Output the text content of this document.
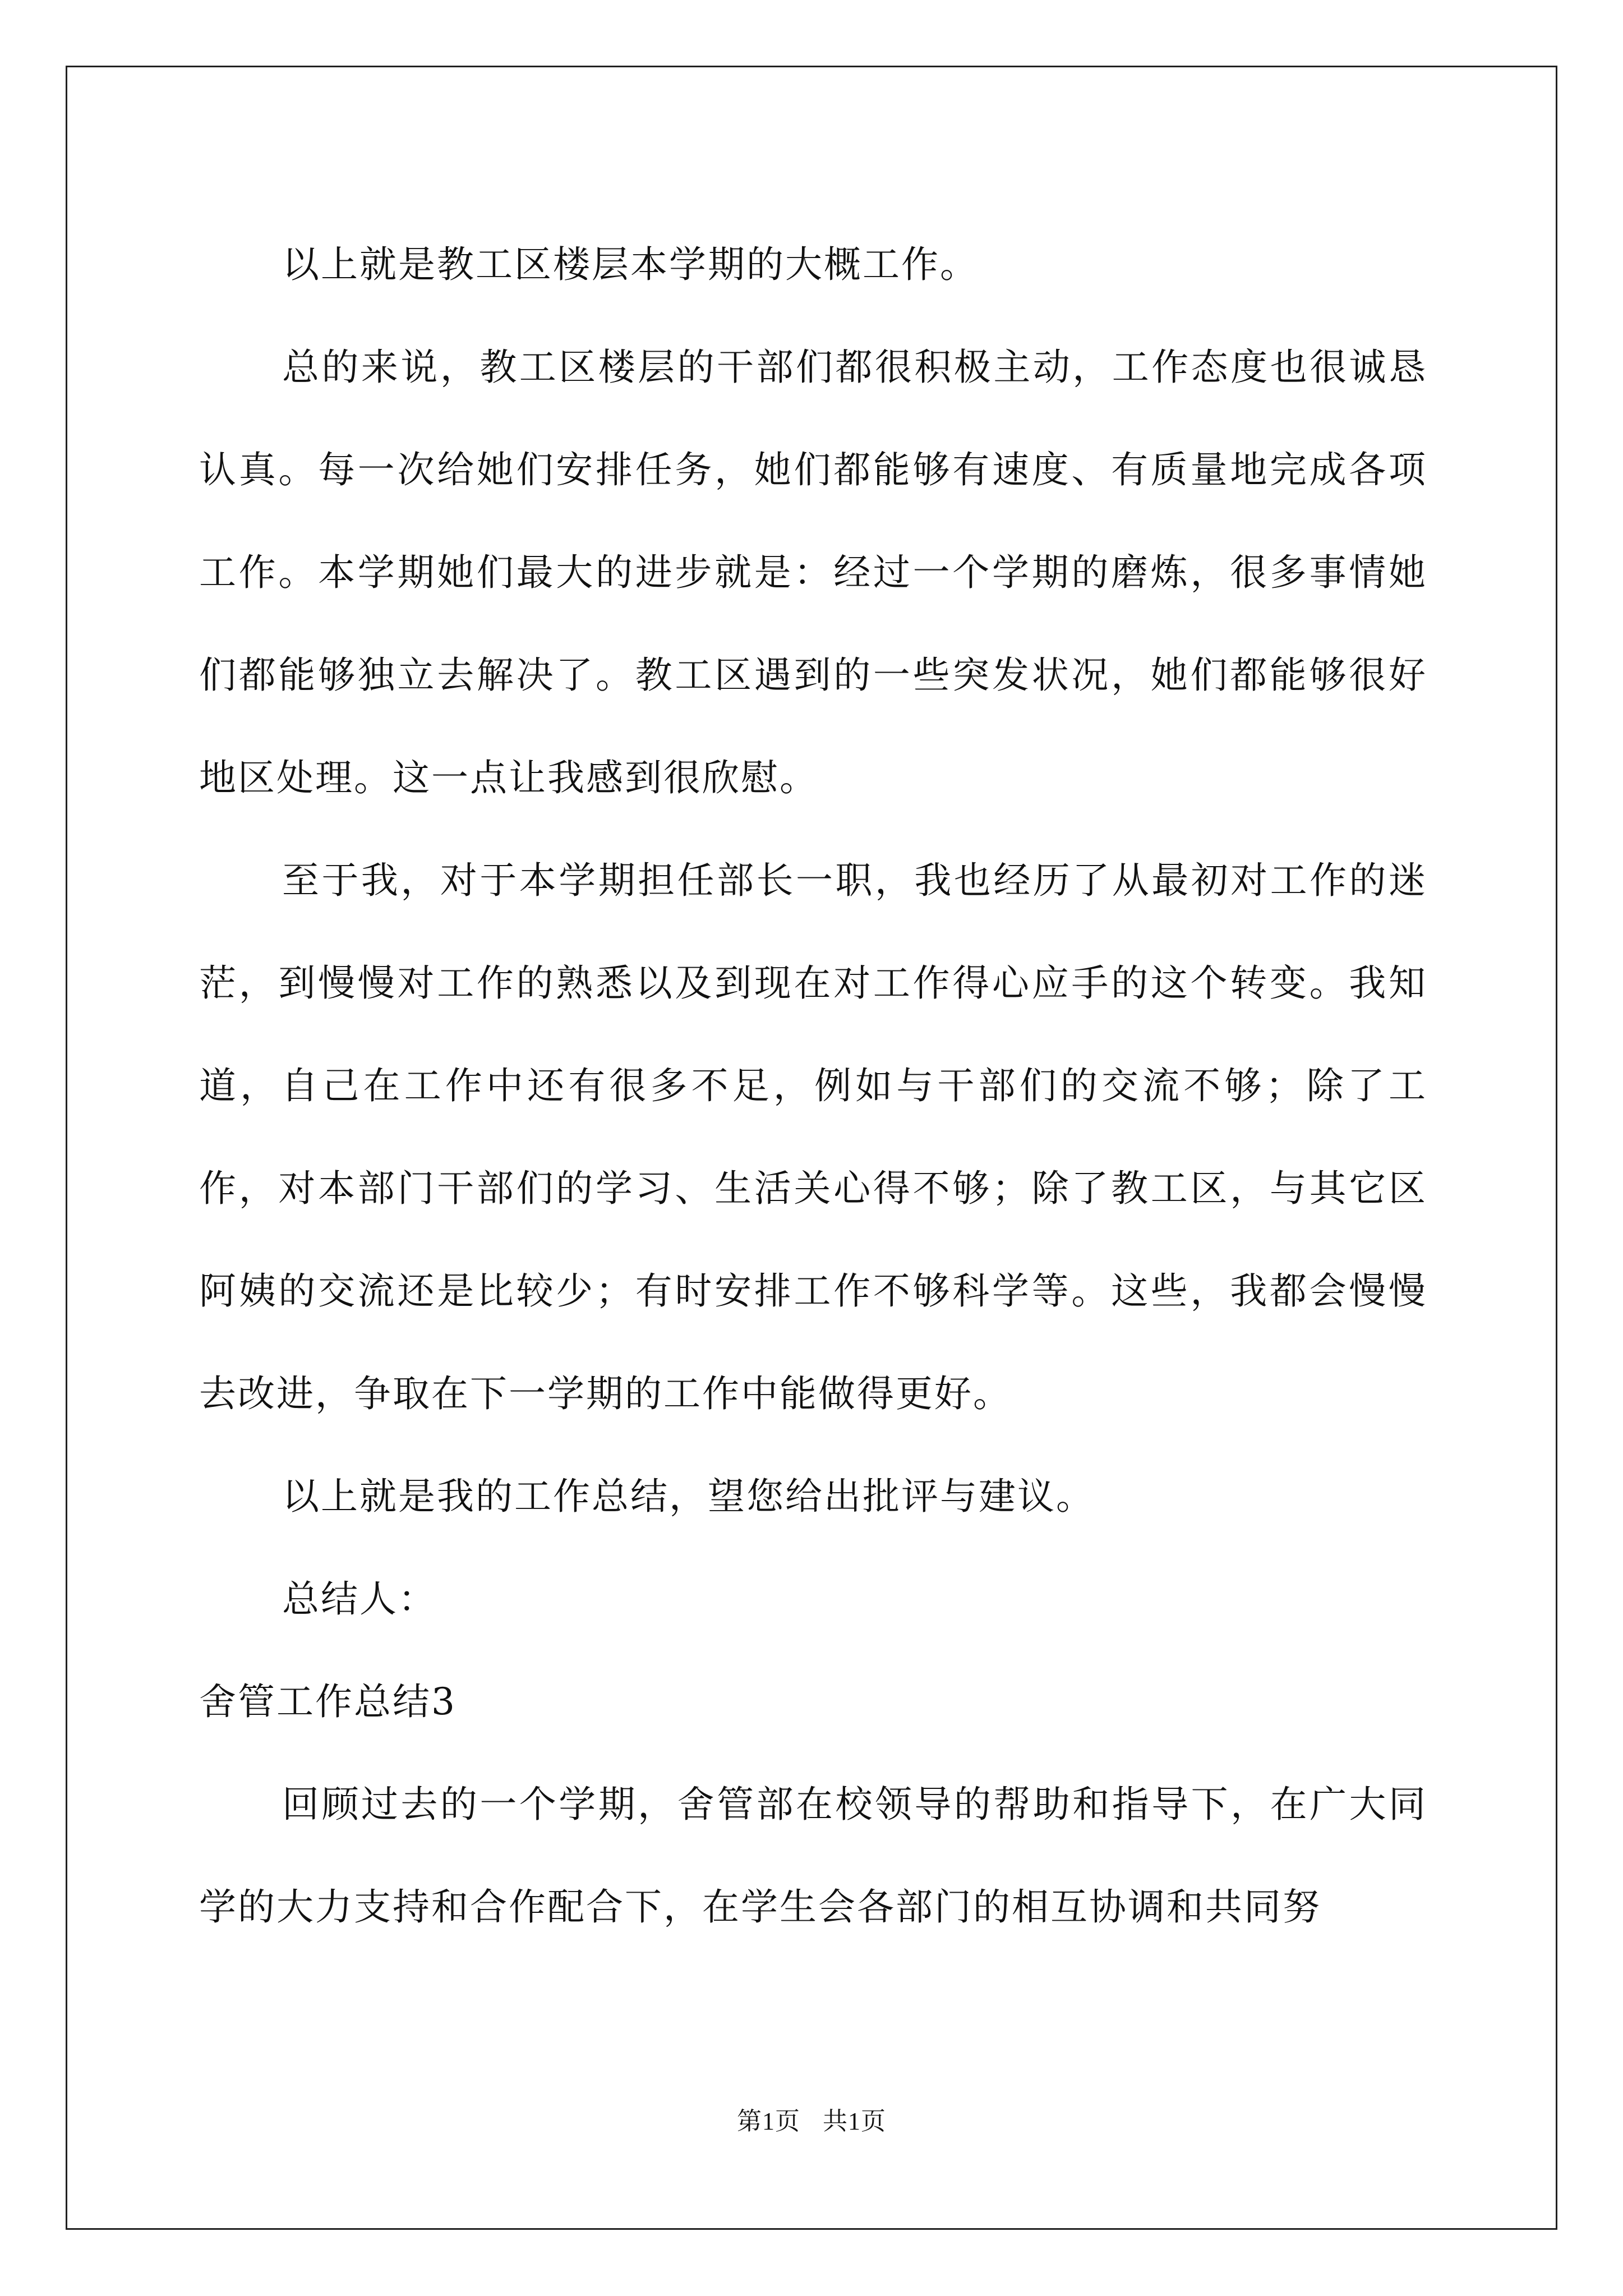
以上就是教工区楼层本学期的大概工作。

总的来说，教工区楼层的干部们都很积极主动，工作态度也很诚恳认真。每一次给她们安排任务，她们都能够有速度、有质量地完成各项工作。本学期她们最大的进步就是：经过一个学期的磨炼，很多事情她们都能够独立去解决了。教工区遇到的一些突发状况，她们都能够很好地区处理。这一点让我感到很欣慰。

至于我，对于本学期担任部长一职，我也经历了从最初对工作的迷茫，到慢慢对工作的熟悉以及到现在对工作得心应手的这个转变。我知道，自己在工作中还有很多不足，例如与干部们的交流不够；除了工作，对本部门干部们的学习、生活关心得不够；除了教工区，与其它区阿姨的交流还是比较少；有时安排工作不够科学等。这些，我都会慢慢去改进，争取在下一学期的工作中能做得更好。

以上就是我的工作总结，望您给出批评与建议。

总结人：

舍管工作总结3

回顾过去的一个学期，舍管部在校领导的帮助和指导下，在广大同学的大力支持和合作配合下，在学生会各部门的相互协调和共同努

第1页 共1页
